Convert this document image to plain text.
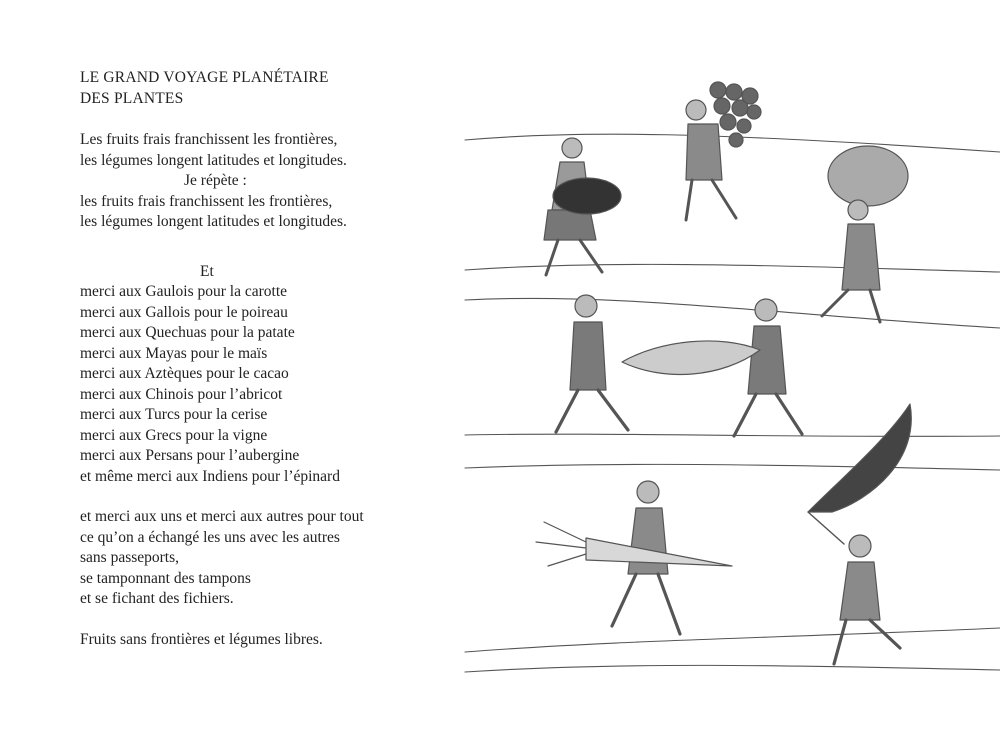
LE GRAND VOYAGE PLANÉTAIRE
DES PLANTES
Les fruits frais franchissent les frontières,
les légumes longent latitudes et longitudes.
Je répète :
les fruits frais franchissent les frontières,
les légumes longent latitudes et longitudes.
Et
merci aux Gaulois pour la carotte
merci aux Gallois pour le poireau
merci aux Quechuas pour la patate
merci aux Mayas pour le maïs
merci aux Aztèques pour le cacao
merci aux Chinois pour l’abricot
merci aux Turcs pour la cerise
merci aux Grecs pour la vigne
merci aux Persans pour l’aubergine
et même merci aux Indiens pour l’épinard
et merci aux uns et merci aux autres pour tout
ce qu’on a échangé les uns avec les autres
sans passeports,
se tamponnant des tampons
et se fichant des fichiers.
Fruits sans frontières et légumes libres.
